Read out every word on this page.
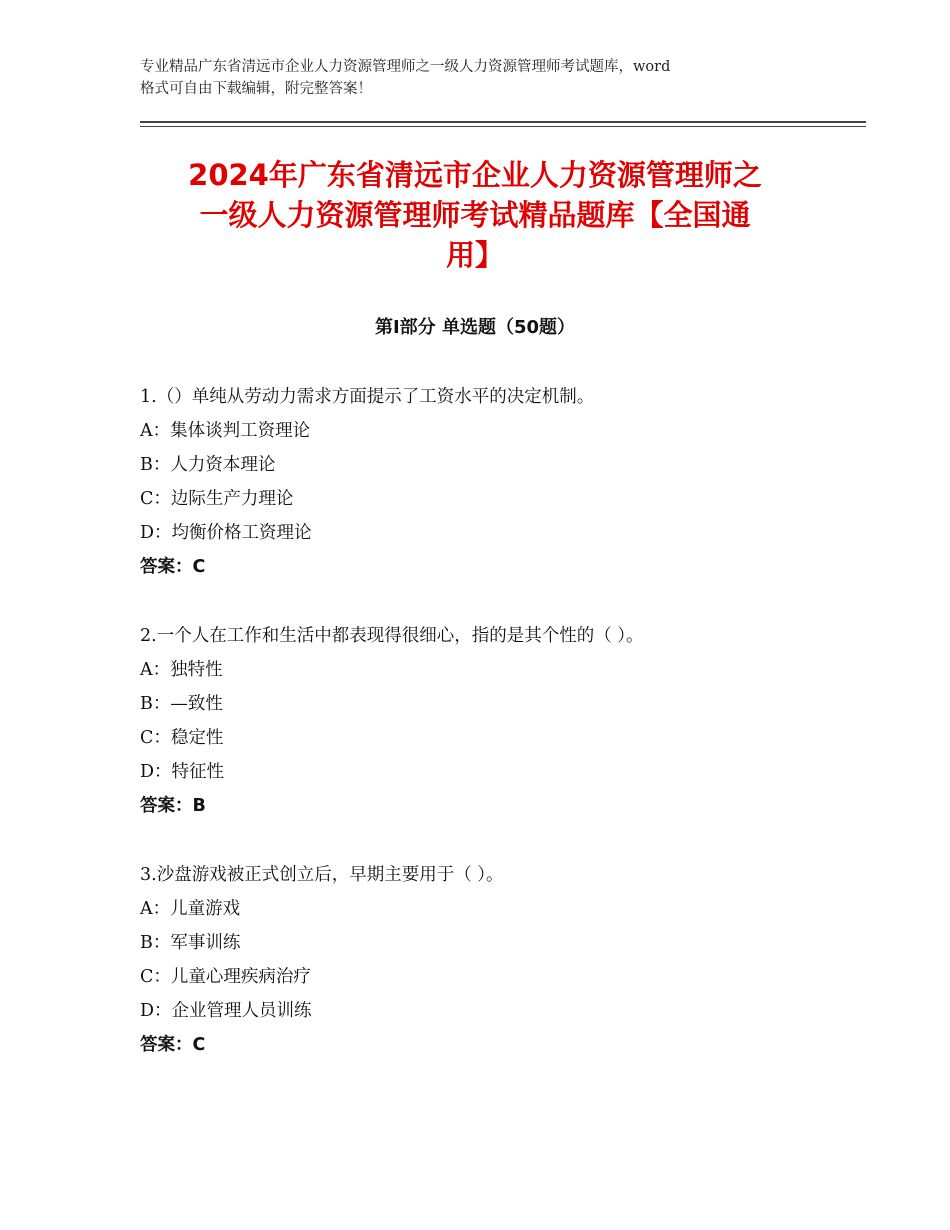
专业精品广东省清远市企业人力资源管理师之一级人力资源管理师考试题库，word
格式可自由下载编辑，附完整答案！
2024年广东省清远市企业人力资源管理师之
一级人力资源管理师考试精品题库【全国通
用】
第Ⅰ部分 单选题（50题）
1.（）单纯从劳动力需求方面提示了工资水平的决定机制。
A：集体谈判工资理论
B：人力资本理论
C：边际生产力理论
D：均衡价格工资理论
答案：C
2.一个人在工作和生活中都表现得很细心，指的是其个性的（ ）。
A：独特性
B：—致性
C：稳定性
D：特征性
答案：B
3.沙盘游戏被正式创立后，早期主要用于（ ）。
A：儿童游戏
B：军事训练
C：儿童心理疾病治疗
D：企业管理人员训练
答案：C
